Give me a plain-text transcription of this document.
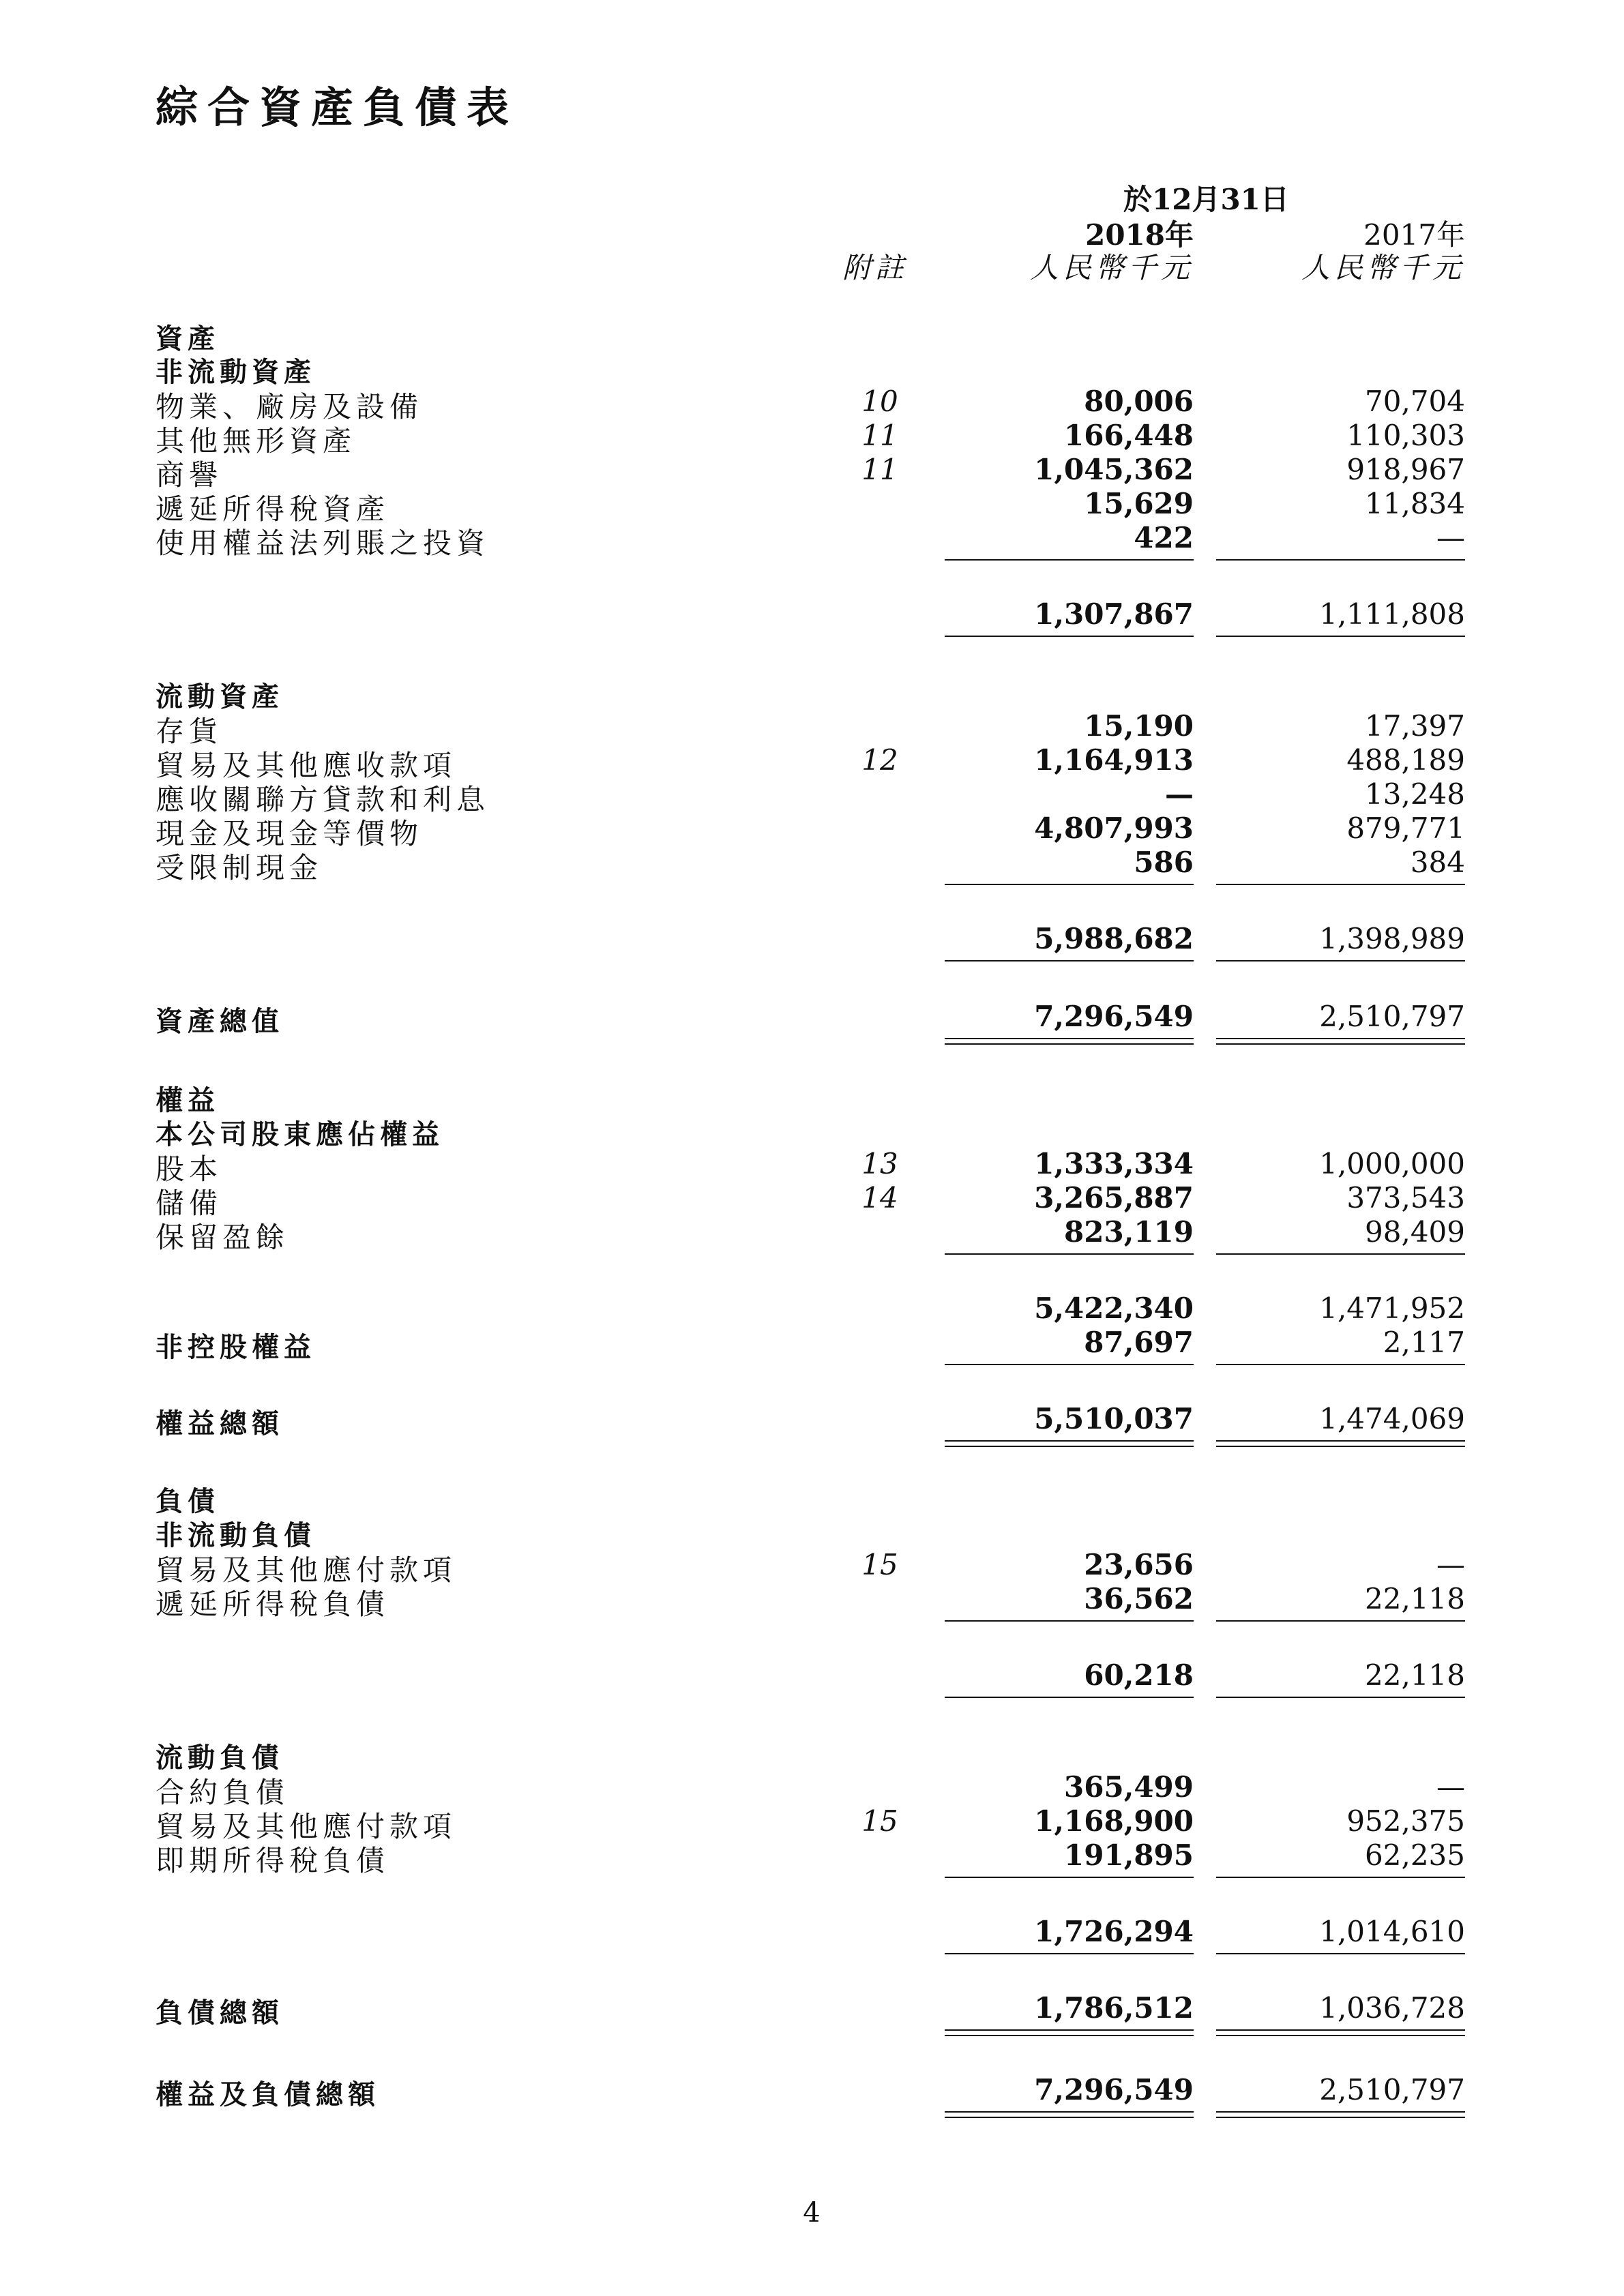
綜合資產負債表
於12月31日
2018年	2017年
附註	人民幣千元	人民幣千元
資產
非流動資產
物業、廠房及設備	10	80,006	70,704
其他無形資產	11	166,448	110,303
商譽	11	1,045,362	918,967
遞延所得稅資產	15,629	11,834
使用權益法列賬之投資	422	—
1,307,867	1,111,808
流動資產
存貨	15,190	17,397
貿易及其他應收款項	12	1,164,913	488,189
應收關聯方貸款和利息	—	13,248
現金及現金等價物	4,807,993	879,771
受限制現金	586	384
5,988,682	1,398,989
資產總值	7,296,549	2,510,797
權益
本公司股東應佔權益
股本	13	1,333,334	1,000,000
儲備	14	3,265,887	373,543
保留盈餘	823,119	98,409
5,422,340	1,471,952
非控股權益	87,697	2,117
權益總額	5,510,037	1,474,069
負債
非流動負債
貿易及其他應付款項	15	23,656	—
遞延所得稅負債	36,562	22,118
60,218	22,118
流動負債
合約負債	365,499	—
貿易及其他應付款項	15	1,168,900	952,375
即期所得稅負債	191,895	62,235
1,726,294	1,014,610
負債總額	1,786,512	1,036,728
權益及負債總額	7,296,549	2,510,797
4
